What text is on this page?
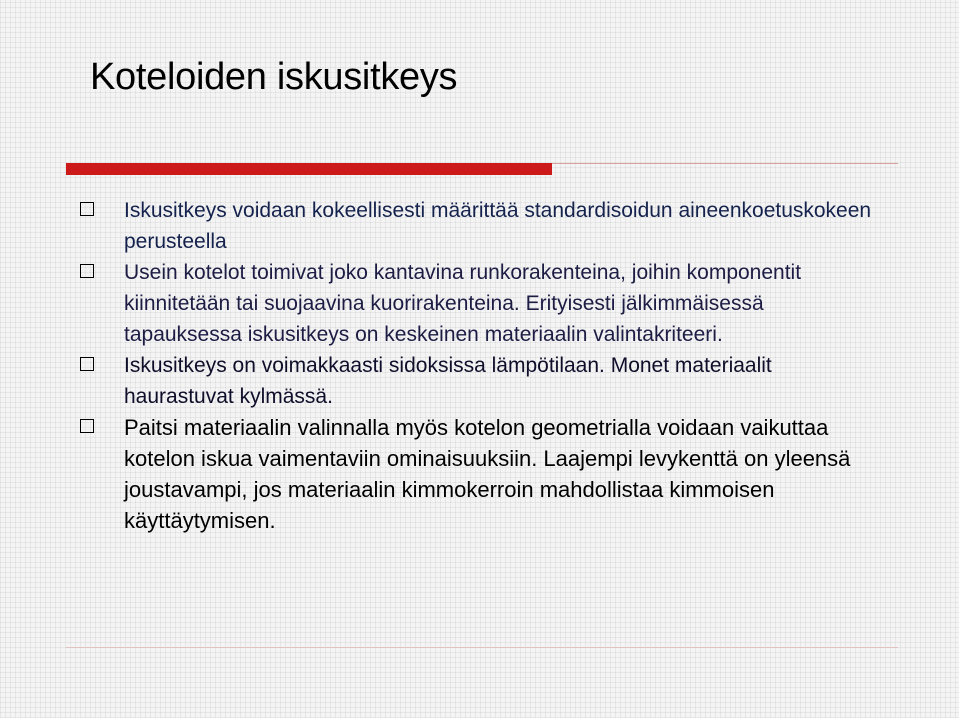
Koteloiden iskusitkeys
Iskusitkeys voidaan kokeellisesti määrittää standardisoidun aineenkoetuskokeen perusteella
Usein kotelot toimivat joko kantavina runkorakenteina, joihin komponentit kiinnitetään tai suojaavina kuorirakenteina. Erityisesti jälkimmäisessä tapauksessa iskusitkeys on keskeinen materiaalin valintakriteeri.
Iskusitkeys on voimakkaasti sidoksissa lämpötilaan. Monet materiaalit haurastuvat kylmässä.
Paitsi materiaalin valinnalla myös kotelon geometrialla voidaan vaikuttaa kotelon iskua vaimentaviin ominaisuuksiin. Laajempi levykenttä on yleensä joustavampi, jos materiaalin kimmokerroin mahdollistaa kimmoisen käyttäytymisen.
